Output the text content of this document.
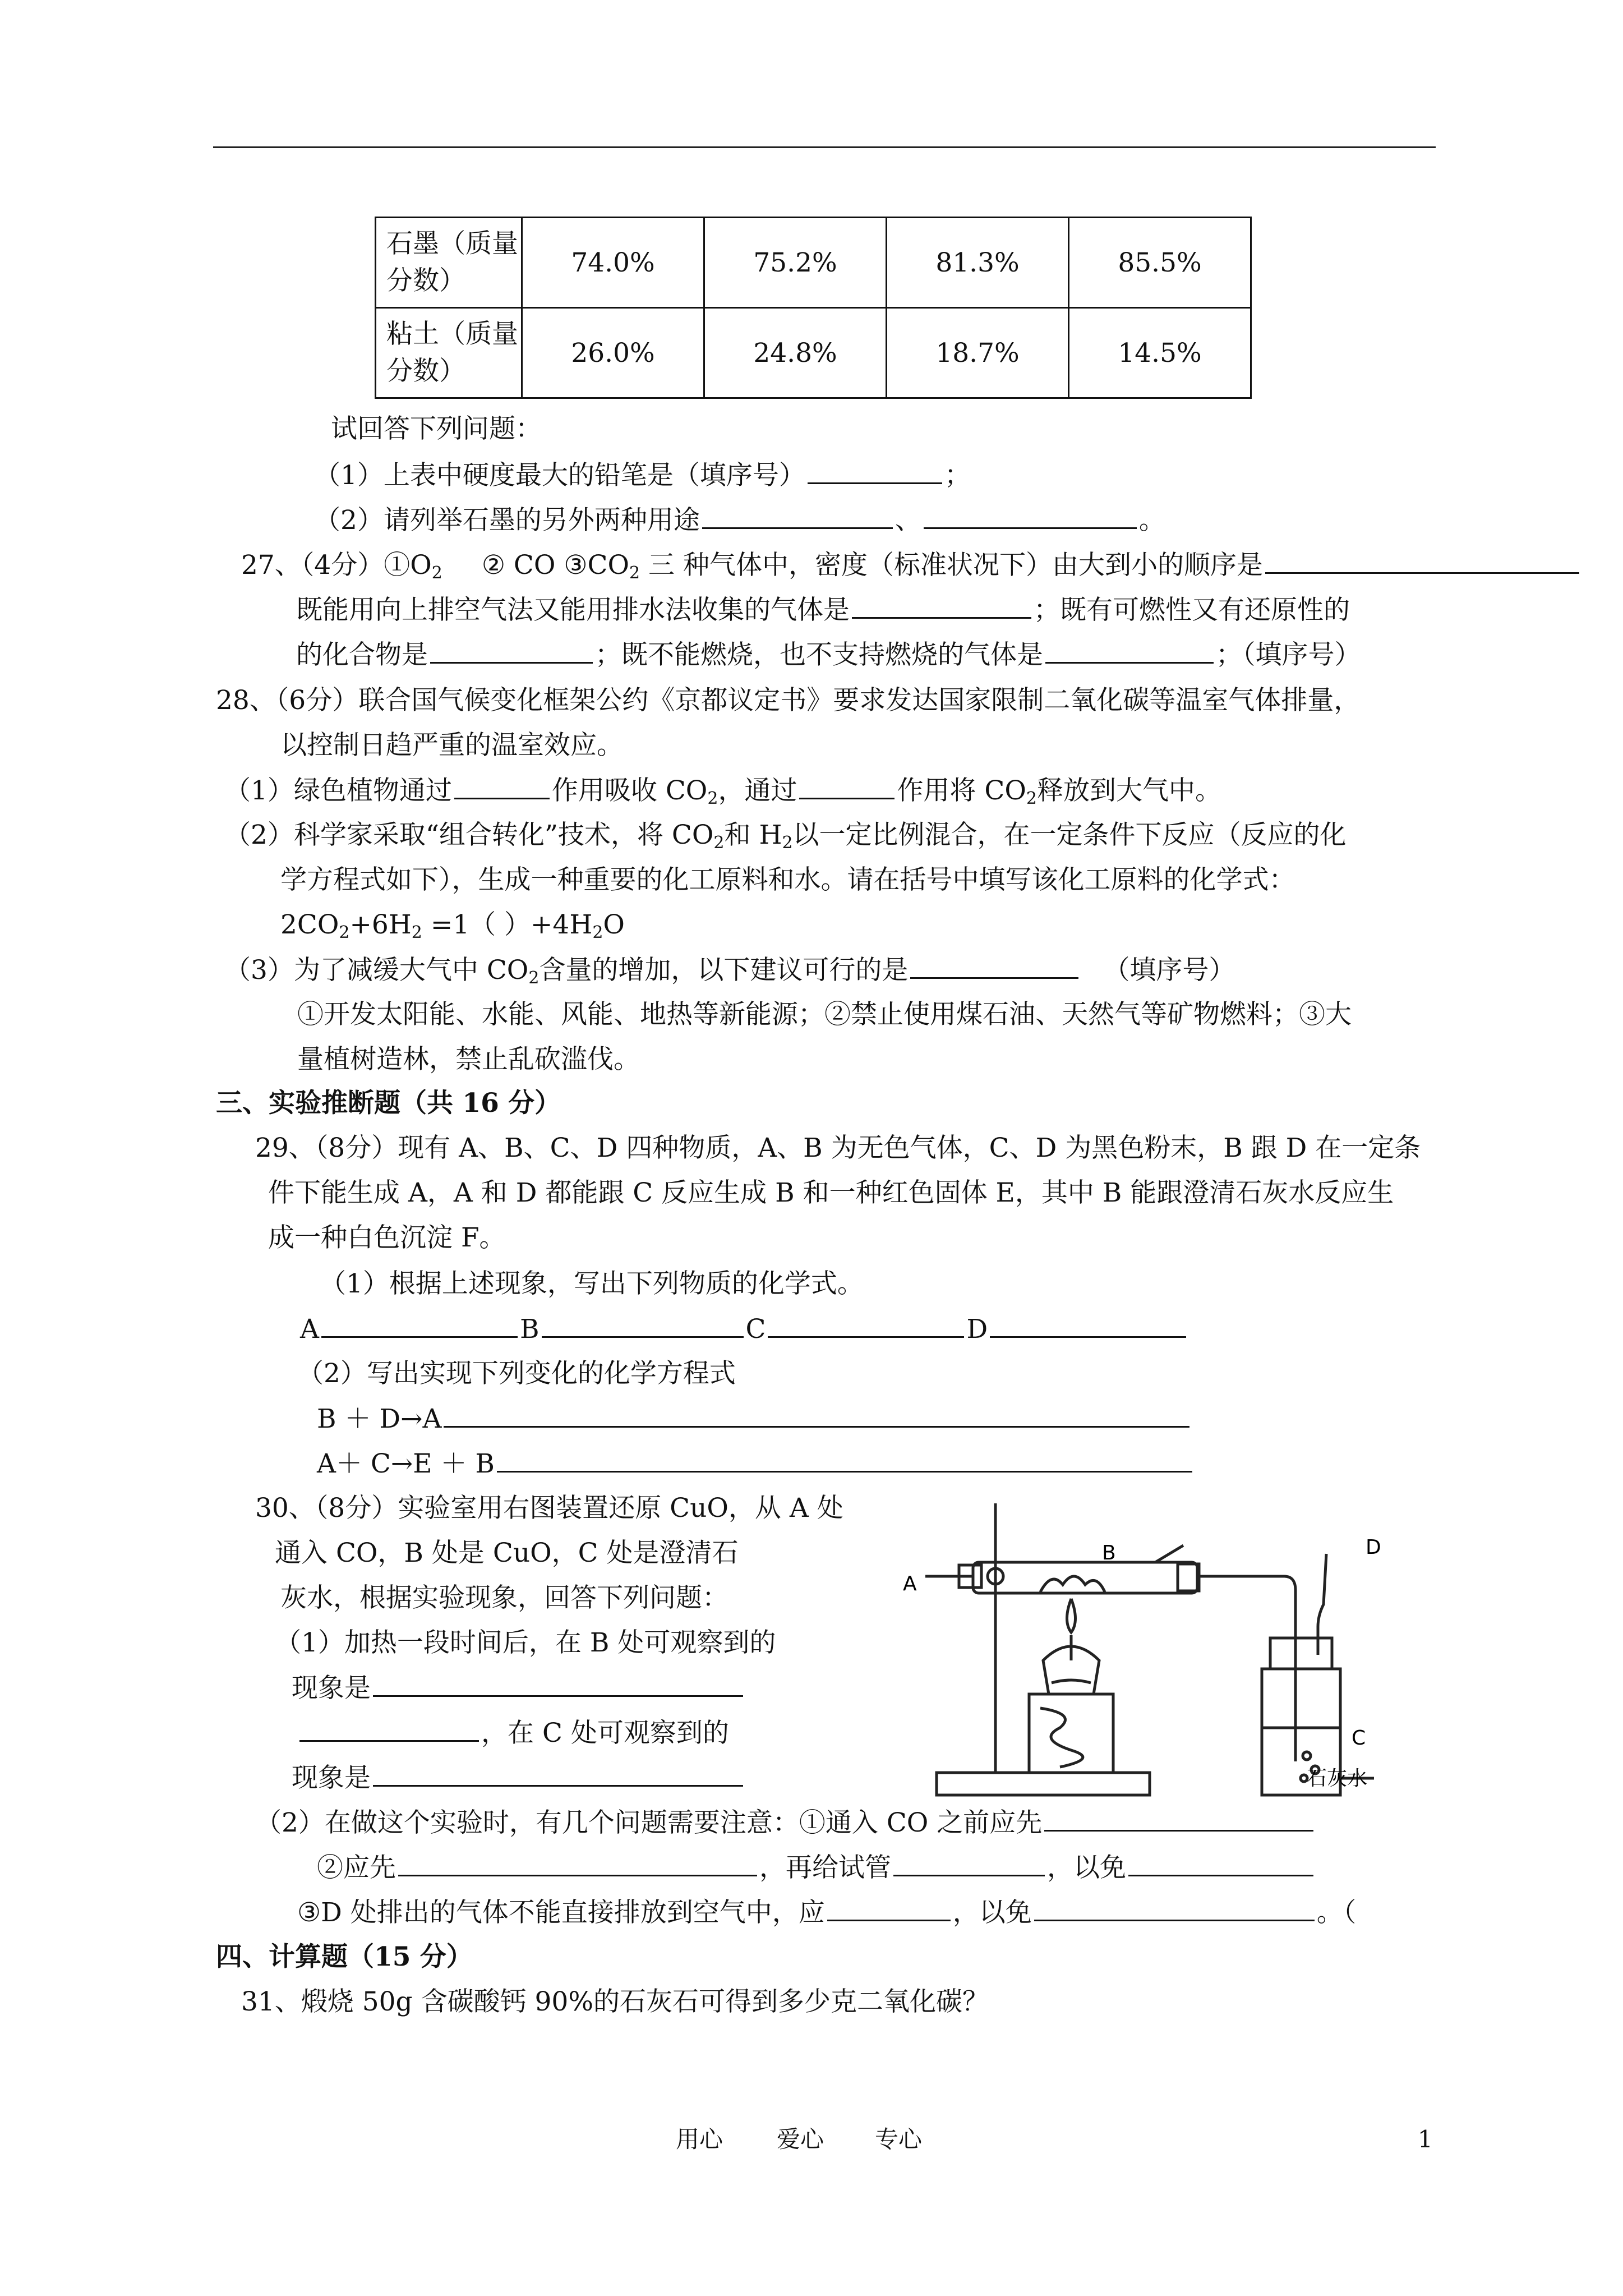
石墨（质量分数）	74.0%	75.2%	81.3%	85.5%
粘土（质量分数）	26.0%	24.8%	18.7%	14.5%
试回答下列问题：
（1）上表中硬度最大的铅笔是（填序号）	；
（2）请列举石墨的另外两种用途	、	。
27、（4分）$①O_2$ ② CO $③CO_2$ 三 种气体中，密度（标准状况下）由大到小的顺序是
既能用向上排空气法又能用排水法收集的气体是	；既有可燃性又有还原性的
的化合物是	；既不能燃烧，也不支持燃烧的气体是	；（填序号）
28、（6分）联合国气候变化框架公约《京都议定书》要求发达国家限制二氧化碳等温室气体排量，
以控制日趋严重的温室效应。
（1）绿色植物通过	作用吸收 $CO_2$，通过	作用将 $CO_2$释放到大气中。
（2）科学家采取“组合转化”技术，将 $CO_2$和 $H_2$以一定比例混合，在一定条件下反应（反应的化
学方程式如下），生成一种重要的化工原料和水。请在括号中填写该化工原料的化学式：
$2CO_2+6H_2 =1$（ ）$+4H_2O$
（3）为了减缓大气中 $CO_2$含量的增加，以下建议可行的是	（填序号）
①开发太阳能、水能、风能、地热等新能源；②禁止使用煤石油、天然气等矿物燃料；③大
量植树造林，禁止乱砍滥伐。
三、实验推断题（共 16 分）
29、（8分）现有 A、B、C、D 四种物质，A、B 为无色气体，C、D 为黑色粉末，B 跟 D 在一定条
件下能生成 A，A 和 D 都能跟 C 反应生成 B 和一种红色固体 E，其中 B 能跟澄清石灰水反应生
成一种白色沉淀 F。
（1）根据上述现象，写出下列物质的化学式。
A	B	C	D
（2）写出实现下列变化的化学方程式
B ＋ D→A
A＋ C→E ＋ B
30、（8分）实验室用右图装置还原 CuO，从 A 处
通入 CO，B 处是 CuO，C 处是澄清石
灰水，根据实验现象，回答下列问题：
（1）加热一段时间后，在 B 处可观察到的
现象是
，在 C 处可观察到的
现象是
（2）在做这个实验时，有几个问题需要注意：①通入 CO 之前应先
②应先	，再给试管	，以免
③D 处排出的气体不能直接排放到空气中，应	，以免	。（
A
B	D
C
石灰水
四、计算题（15 分）
31、煅烧 50g 含碳酸钙 90%的石灰石可得到多少克二氧化碳？
用心 爱心 专心	1
